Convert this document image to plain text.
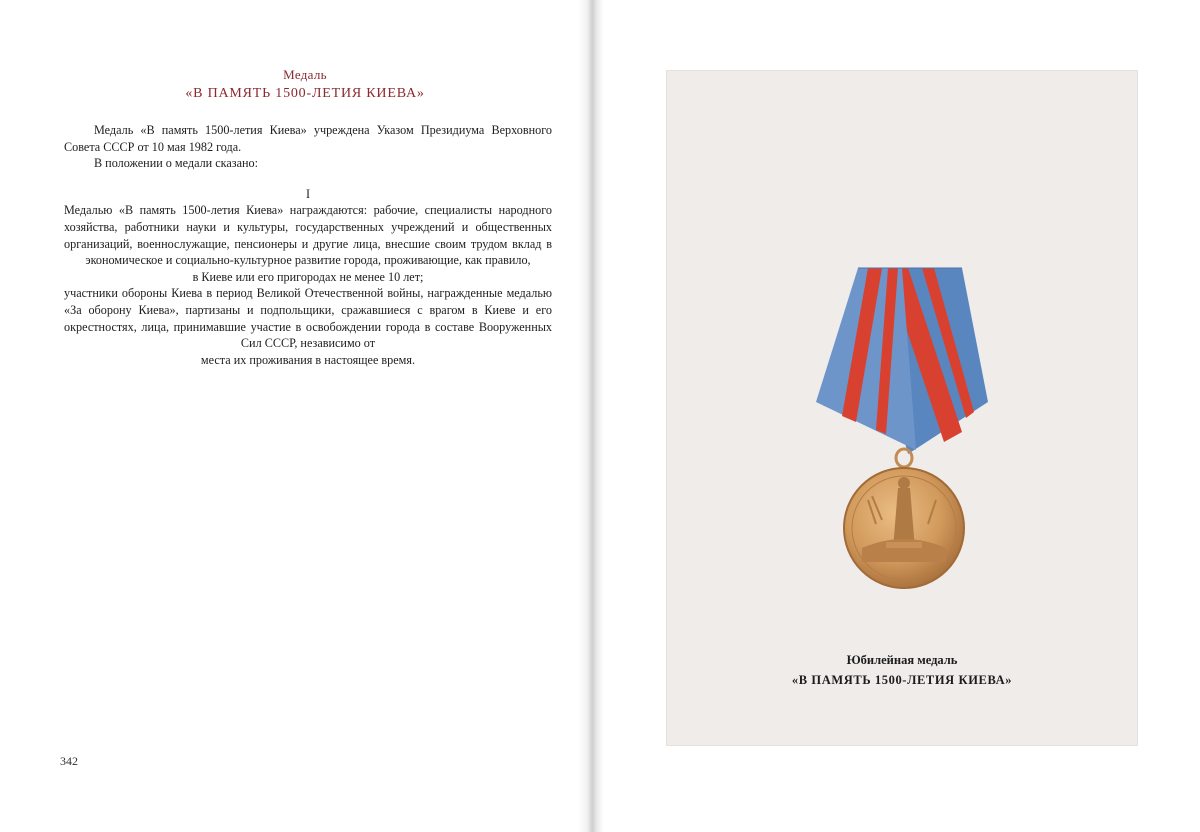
Медаль
«В ПАМЯТЬ 1500-ЛЕТИЯ КИЕВА»

Медаль «В память 1500-летия Киева» учреждена Указом Президиума Верховного Совета СССР от 10 мая 1982 года.

В положении о медали сказано:

I

Медалью «В память 1500-летия Киева» награждаются: рабочие, специалисты народного хозяйства, работники науки и культуры, государственных учреждений и общественных организаций, военнослужащие, пенсионеры и другие лица, внесшие своим трудом вклад в экономическое и социально-культурное развитие города, проживающие, как правило,

в Киеве или его пригородах не менее 10 лет;

участники обороны Киева в период Великой Отечественной войны, награжденные медалью «За оборону Киева», партизаны и подпольщики, сражавшиеся с врагом в Киеве и его окрестностях, лица, принимавшие участие в освобождении города в составе Вооруженных Сил СССР, независимо от

места их проживания в настоящее время.

342
Юбилейная медаль
«В ПАМЯТЬ 1500-ЛЕТИЯ КИЕВА»
